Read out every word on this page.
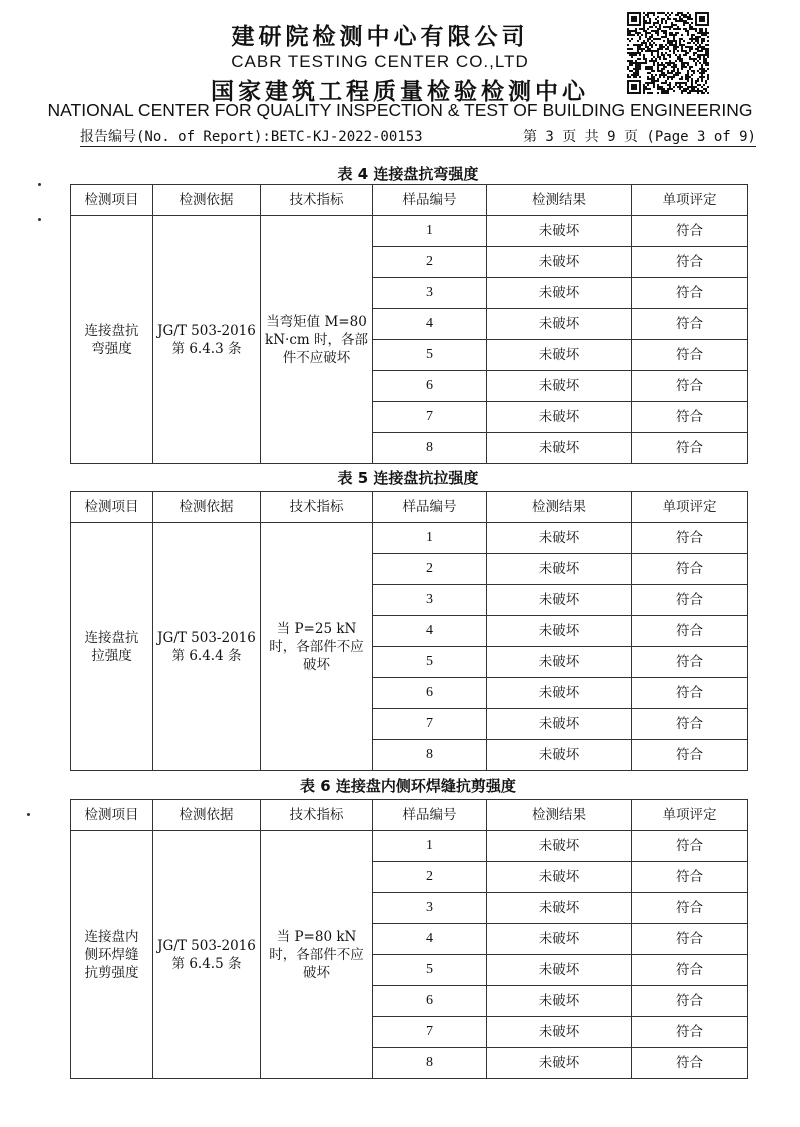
建研院检测中心有限公司
CABR TESTING CENTER CO.,LTD
国家建筑工程质量检验检测中心
NATIONAL CENTER FOR QUALITY INSPECTION & TEST OF BUILDING ENGINEERING
报告编号(No. of Report):BETC-KJ-2022-00153	第 3 页 共 9 页 (Page 3 of 9)
表 4 连接盘抗弯强度
检测项目	检测依据	技术指标	样品编号	检测结果	单项评定
连接盘抗弯强度	JG/T 503-2016 第 6.4.3 条	当弯矩值 M=80 kN·cm 时，各部件不应破坏	1	未破坏	符合
			2	未破坏	符合
			3	未破坏	符合
			4	未破坏	符合
			5	未破坏	符合
			6	未破坏	符合
			7	未破坏	符合
			8	未破坏	符合
表 5 连接盘抗拉强度
检测项目	检测依据	技术指标	样品编号	检测结果	单项评定
连接盘抗拉强度	JG/T 503-2016 第 6.4.4 条	当 P=25 kN 时，各部件不应破坏	1	未破坏	符合
			2	未破坏	符合
			3	未破坏	符合
			4	未破坏	符合
			5	未破坏	符合
			6	未破坏	符合
			7	未破坏	符合
			8	未破坏	符合
表 6 连接盘内侧环焊缝抗剪强度
检测项目	检测依据	技术指标	样品编号	检测结果	单项评定
连接盘内侧环焊缝抗剪强度	JG/T 503-2016 第 6.4.5 条	当 P=80 kN 时，各部件不应破坏	1	未破坏	符合
			2	未破坏	符合
			3	未破坏	符合
			4	未破坏	符合
			5	未破坏	符合
			6	未破坏	符合
			7	未破坏	符合
			8	未破坏	符合
